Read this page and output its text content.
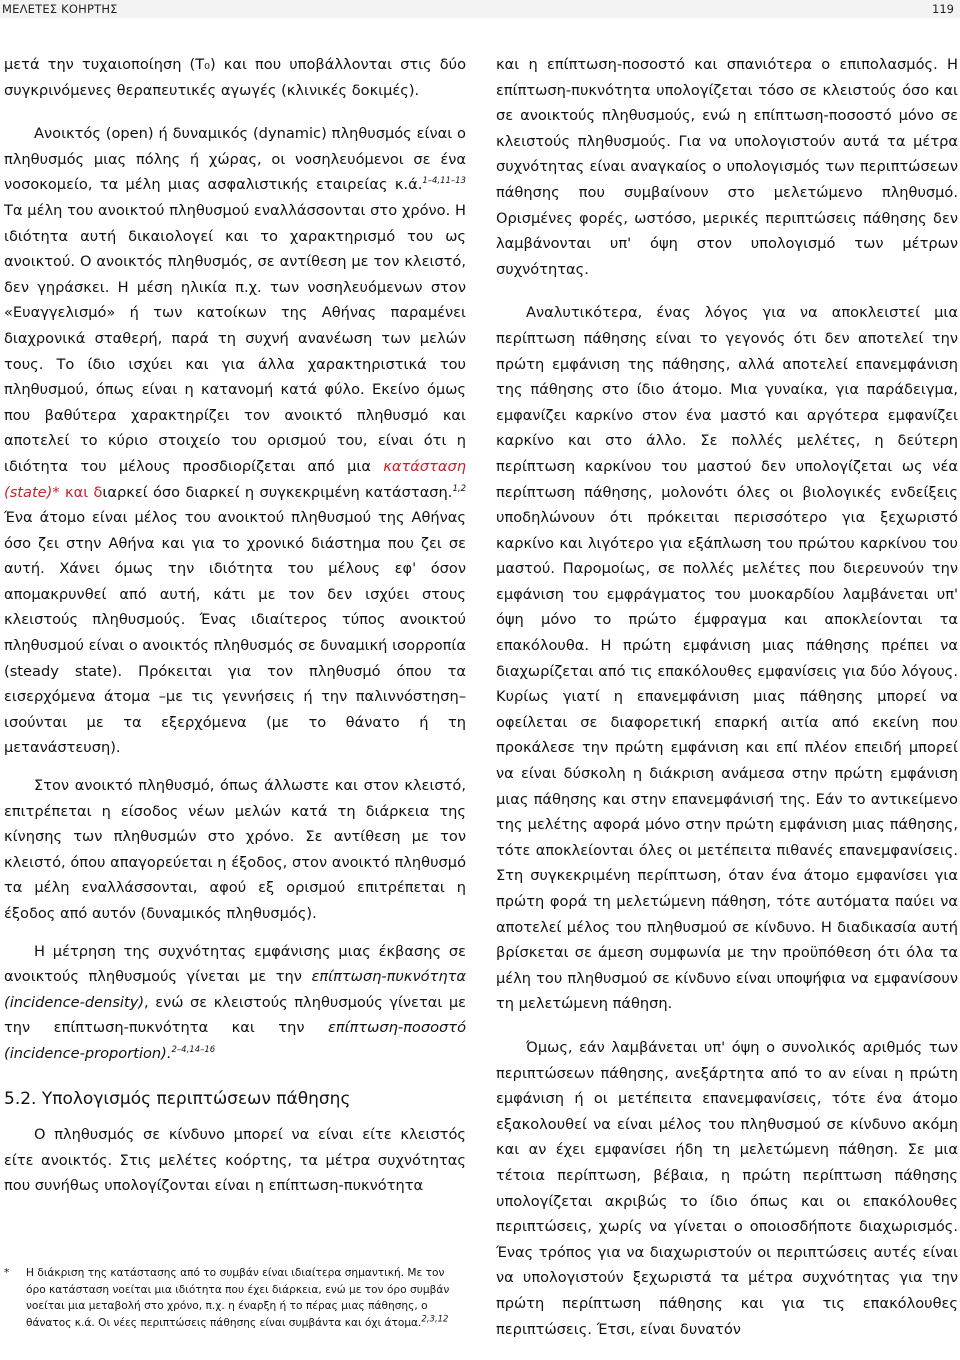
ΜΕΛΕΤΕΣ ΚΟΗΡΤΗΣ	119

μετά την τυχαιοποίηση (T₀) και που υποβάλλονται στις δύο συγκρινόμενες θεραπευτικές αγωγές (κλινικές δοκιμές).

Ανοικτός (open) ή δυναμικός (dynamic) πληθυσμός είναι ο πληθυσμός μιας πόλης ή χώρας, οι νοσηλευόμενοι σε ένα νοσοκομείο, τα μέλη μιας ασφαλιστικής εταιρείας κ.ά.$^{1-4,11-13}$ Τα μέλη του ανοικτού πληθυσμού εναλλάσσονται στο χρόνο. Η ιδιότητα αυτή δικαιολογεί και το χαρακτηρισμό του ως ανοικτού. Ο ανοικτός πληθυσμός, σε αντίθεση με τον κλειστό, δεν γηράσκει. Η μέση ηλικία π.χ. των νοσηλευόμενων στον «Ευαγγελισμό» ή των κατοίκων της Αθήνας παραμένει διαχρονικά σταθερή, παρά τη συχνή ανανέωση των μελών τους. Το ίδιο ισχύει και για άλλα χαρακτηριστικά του πληθυσμού, όπως είναι η κατανομή κατά φύλο. Εκείνο όμως που βαθύτερα χαρακτηρίζει τον ανοικτό πληθυσμό και αποτελεί το κύριο στοιχείο του ορισμού του, είναι ότι η ιδιότητα του μέλους προσδιορίζεται από μια κατάσταση (state)* και διαρκεί όσο διαρκεί η συγκεκριμένη κατάσταση.$^{1,2}$ Ένα άτομο είναι μέλος του ανοικτού πληθυσμού της Αθήνας όσο ζει στην Αθήνα και για το χρονικό διάστημα που ζει σε αυτή. Χάνει όμως την ιδιότητα του μέλους εφ' όσον απομακρυνθεί από αυτή, κάτι με τον δεν ισχύει στους κλειστούς πληθυσμούς. Ένας ιδιαίτερος τύπος ανοικτού πληθυσμού είναι ο ανοικτός πληθυσμός σε δυναμική ισορροπία (steady state). Πρόκειται για τον πληθυσμό όπου τα εισερχόμενα άτομα –με τις γεννήσεις ή την παλιννόστηση– ισούνται με τα εξερχόμενα (με το θάνατο ή τη μετανάστευση).

Στον ανοικτό πληθυσμό, όπως άλλωστε και στον κλειστό, επιτρέπεται η είσοδος νέων μελών κατά τη διάρκεια της κίνησης των πληθυσμών στο χρόνο. Σε αντίθεση με τον κλειστό, όπου απαγορεύεται η έξοδος, στον ανοικτό πληθυσμό τα μέλη εναλλάσσονται, αφού εξ ορισμού επιτρέπεται η έξοδος από αυτόν (δυναμικός πληθυσμός).

Η μέτρηση της συχνότητας εμφάνισης μιας έκβασης σε ανοικτούς πληθυσμούς γίνεται με την επίπτωση-πυκνότητα (incidence-density), ενώ σε κλειστούς πληθυσμούς γίνεται με την επίπτωση-πυκνότητα και την επίπτωση-ποσοστό (incidence-proportion).$^{2-4,14-16}$

5.2. Υπολογισμός περιπτώσεων πάθησης

Ο πληθυσμός σε κίνδυνο μπορεί να είναι είτε κλειστός είτε ανοικτός. Στις μελέτες κοόρτης, τα μέτρα συχνότητας που συνήθως υπολογίζονται είναι η επίπτωση-πυκνότητα

* Η διάκριση της κατάστασης από το συμβάν είναι ιδιαίτερα σημαντική. Με τον όρο κατάσταση νοείται μια ιδιότητα που έχει διάρκεια, ενώ με τον όρο συμβάν νοείται μια μεταβολή στο χρόνο, π.χ. η έναρξη ή το πέρας μιας πάθησης, ο θάνατος κ.ά. Οι νέες περιπτώσεις πάθησης είναι συμβάντα και όχι άτομα.$^{2,3,12}$

και η επίπτωση-ποσοστό και σπανιότερα ο επιπολασμός. Η επίπτωση-πυκνότητα υπολογίζεται τόσο σε κλειστούς όσο και σε ανοικτούς πληθυσμούς, ενώ η επίπτωση-ποσοστό μόνο σε κλειστούς πληθυσμούς. Για να υπολογιστούν αυτά τα μέτρα συχνότητας είναι αναγκαίος ο υπολογισμός των περιπτώσεων πάθησης που συμβαίνουν στο μελετώμενο πληθυσμό. Ορισμένες φορές, ωστόσο, μερικές περιπτώσεις πάθησης δεν λαμβάνονται υπ' όψη στον υπολογισμό των μέτρων συχνότητας.

Αναλυτικότερα, ένας λόγος για να αποκλειστεί μια περίπτωση πάθησης είναι το γεγονός ότι δεν αποτελεί την πρώτη εμφάνιση της πάθησης, αλλά αποτελεί επανεμφάνιση της πάθησης στο ίδιο άτομο. Μια γυναίκα, για παράδειγμα, εμφανίζει καρκίνο στον ένα μαστό και αργότερα εμφανίζει καρκίνο και στο άλλο. Σε πολλές μελέτες, η δεύτερη περίπτωση καρκίνου του μαστού δεν υπολογίζεται ως νέα περίπτωση πάθησης, μολονότι όλες οι βιολογικές ενδείξεις υποδηλώνουν ότι πρόκειται περισσότερο για ξεχωριστό καρκίνο και λιγότερο για εξάπλωση του πρώτου καρκίνου του μαστού. Παρομοίως, σε πολλές μελέτες που διερευνούν την εμφάνιση του εμφράγματος του μυοκαρδίου λαμβάνεται υπ' όψη μόνο το πρώτο έμφραγμα και αποκλείονται τα επακόλουθα. Η πρώτη εμφάνιση μιας πάθησης πρέπει να διαχωρίζεται από τις επακόλουθες εμφανίσεις για δύο λόγους. Κυρίως γιατί η επανεμφάνιση μιας πάθησης μπορεί να οφείλεται σε διαφορετική επαρκή αιτία από εκείνη που προκάλεσε την πρώτη εμφάνιση και επί πλέον επειδή μπορεί να είναι δύσκολη η διάκριση ανάμεσα στην πρώτη εμφάνιση μιας πάθησης και στην επανεμφάνισή της. Εάν το αντικείμενο της μελέτης αφορά μόνο στην πρώτη εμφάνιση μιας πάθησης, τότε αποκλείονται όλες οι μετέπειτα πιθανές επανεμφανίσεις. Στη συγκεκριμένη περίπτωση, όταν ένα άτομο εμφανίσει για πρώτη φορά τη μελετώμενη πάθηση, τότε αυτόματα παύει να αποτελεί μέλος του πληθυσμού σε κίνδυνο. Η διαδικασία αυτή βρίσκεται σε άμεση συμφωνία με την προϋπόθεση ότι όλα τα μέλη του πληθυσμού σε κίνδυνο είναι υποψήφια να εμφανίσουν τη μελετώμενη πάθηση.

Όμως, εάν λαμβάνεται υπ' όψη ο συνολικός αριθμός των περιπτώσεων πάθησης, ανεξάρτητα από το αν είναι η πρώτη εμφάνιση ή οι μετέπειτα επανεμφανίσεις, τότε ένα άτομο εξακολουθεί να είναι μέλος του πληθυσμού σε κίνδυνο ακόμη και αν έχει εμφανίσει ήδη τη μελετώμενη πάθηση. Σε μια τέτοια περίπτωση, βέβαια, η πρώτη περίπτωση πάθησης υπολογίζεται ακριβώς το ίδιο όπως και οι επακόλουθες περιπτώσεις, χωρίς να γίνεται ο οποιοσδήποτε διαχωρισμός. Ένας τρόπος για να διαχωριστούν οι περιπτώσεις αυτές είναι να υπολογιστούν ξεχωριστά τα μέτρα συχνότητας για την πρώτη περίπτωση πάθησης και για τις επακόλουθες περιπτώσεις. Έτσι, είναι δυνατόν
